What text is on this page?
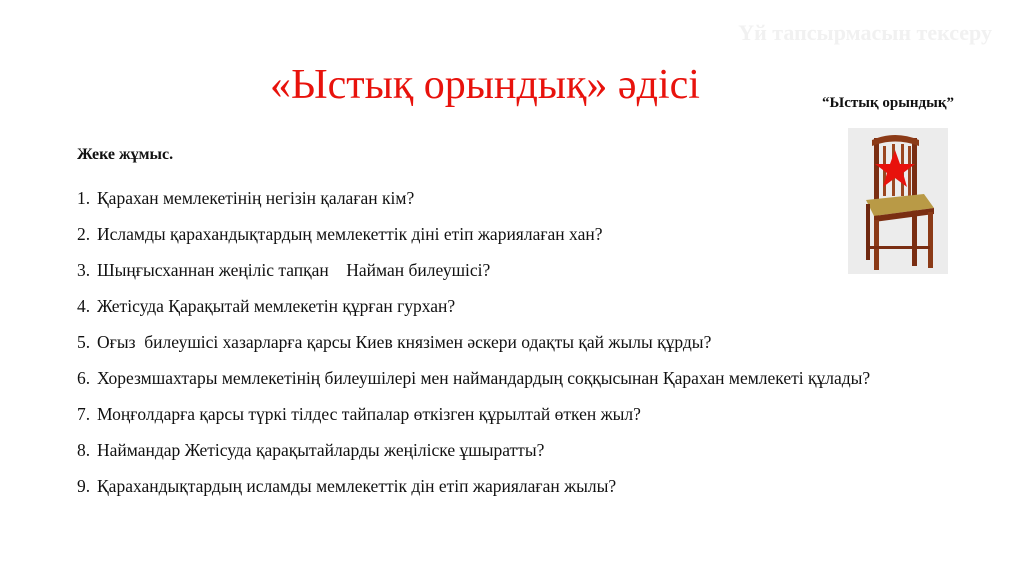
Үй тапсырмасын тексеру
«Ыстық орындық» әдісі	“Ыстық орындық”
Жеке жұмыс.
1. Қарахан мемлекетінің негізін қалаған кім?
2. Исламды қарахандықтардың мемлекеттік діні етіп жариялаған хан?
3. Шыңғысханнан жеңіліс тапқан    Найман билеушісі?
4. Жетісуда Қарақытай мемлекетін құрған гурхан?
5. Оғыз  билеушісі хазарларға қарсы Киев князімен әскери одақты қай жылы құрды?
6. Хорезмшахтары мемлекетінің билеушілері мен наймандардың соққысынан Қарахан мемлекеті құлады?
7. Моңғолдарға қарсы түркі тілдес тайпалар өткізген құрылтай өткен жыл?
8. Наймандар Жетісуда қарақытайларды жеңіліске ұшыратты?
9. Қарахандықтардың исламды мемлекеттік дін етіп жариялаған жылы?
